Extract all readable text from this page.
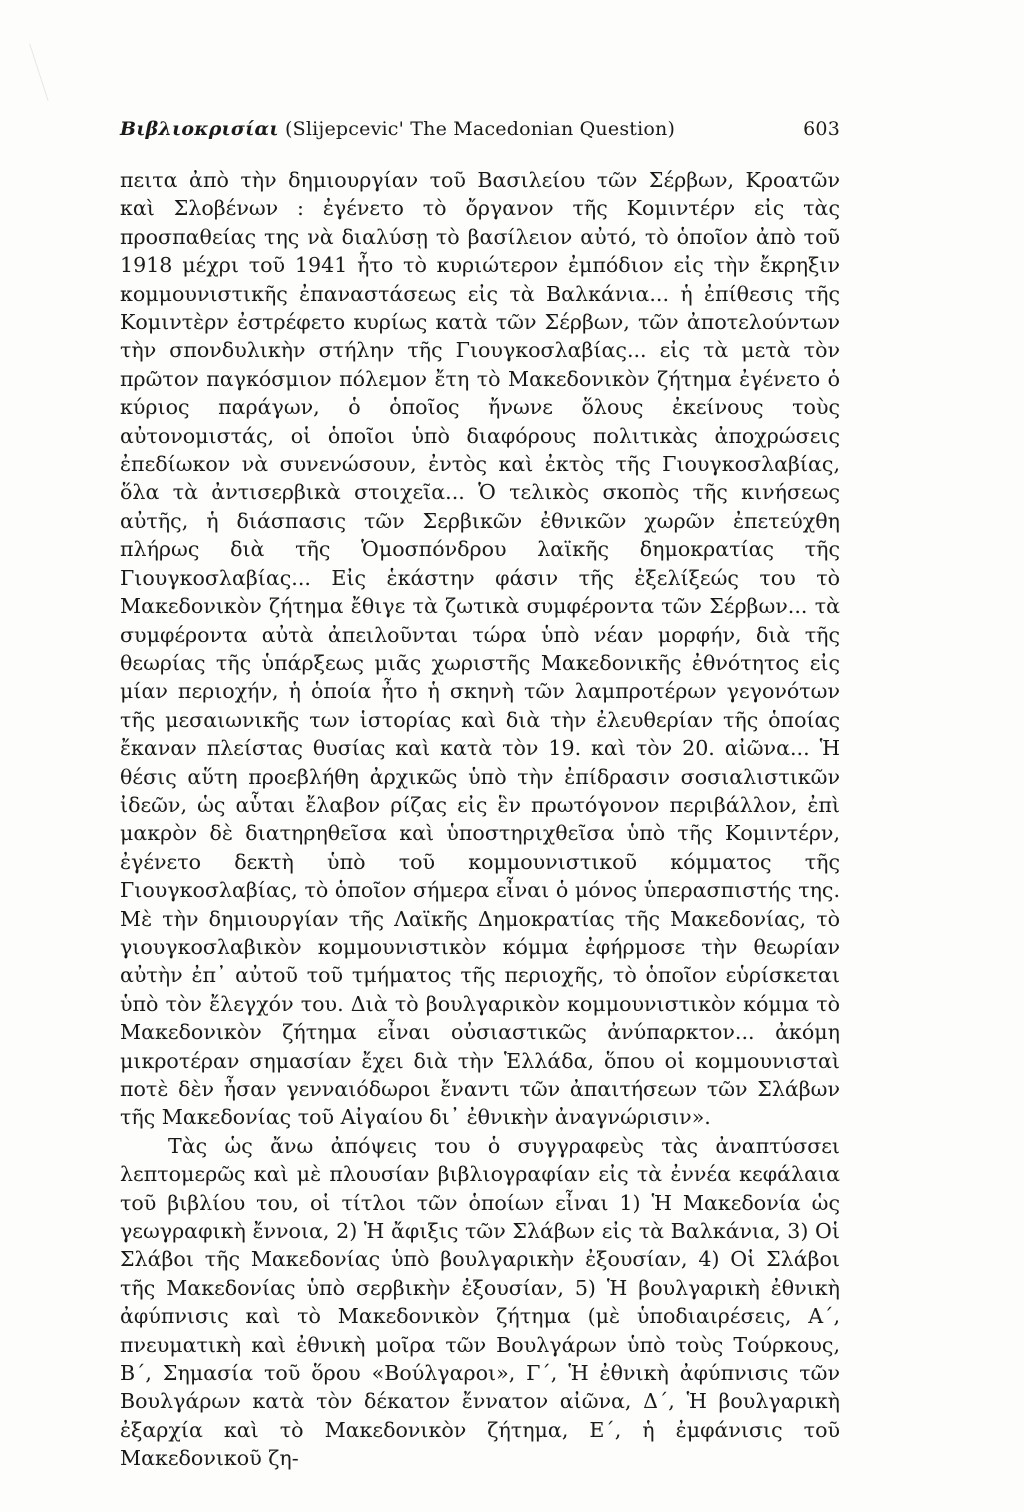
Βιβλιοκρισίαι (Slijepcevic' The Macedonian Question)	603

πειτα ἀπὸ τὴν δημιουργίαν τοῦ Βασιλείου τῶν Σέρβων, Κροατῶν καὶ Σλοβένων : ἐγένετο τὸ ὄργανον τῆς Κομιντέρν εἰς τὰς προσπαθείας της νὰ διαλύσῃ τὸ βασίλειον αὐτό, τὸ ὁποῖον ἀπὸ τοῦ 1918 μέχρι τοῦ 1941 ἦτο τὸ κυριώτερον ἐμπόδιον εἰς τὴν ἔκρηξιν κομμουνιστικῆς ἐπαναστάσεως εἰς τὰ Βαλκάνια... ἡ ἐπίθεσις τῆς Κομιντὲρν ἐστρέφετο κυρίως κατὰ τῶν Σέρβων, τῶν ἀποτελούντων τὴν σπονδυλικὴν στήλην τῆς Γιουγκοσλαβίας... εἰς τὰ μετὰ τὸν πρῶτον παγκόσμιον πόλεμον ἔτη τὸ Μακεδονικὸν ζήτημα ἐγένετο ὁ κύριος παράγων, ὁ ὁποῖος ἤνωνε ὅλους ἐκείνους τοὺς αὐτονομιστάς, οἱ ὁποῖοι ὑπὸ διαφόρους πολιτικὰς ἀποχρώσεις ἐπεδίωκον νὰ συνενώσουν, ἐντὸς καὶ ἐκτὸς τῆς Γιουγκοσλαβίας, ὅλα τὰ ἀντισερβικὰ στοιχεῖα... Ὁ τελικὸς σκοπὸς τῆς κινήσεως αὐτῆς, ἡ διάσπασις τῶν Σερβικῶν ἐθνικῶν χωρῶν ἐπετεύχθη πλήρως διὰ τῆς Ὁμοσπόνδρου λαϊκῆς δημοκρατίας τῆς Γιουγκοσλαβίας... Εἰς ἑκάστην φάσιν τῆς ἐξελίξεώς του τὸ Μακεδονικὸν ζήτημα ἔθιγε τὰ ζωτικὰ συμφέροντα τῶν Σέρβων... τὰ συμφέροντα αὐτὰ ἀπειλοῦνται τώρα ὑπὸ νέαν μορφήν, διὰ τῆς θεωρίας τῆς ὑπάρξεως μιᾶς χωριστῆς Μακεδονικῆς ἐθνότητος εἰς μίαν περιοχήν, ἡ ὁποία ἦτο ἡ σκηνὴ τῶν λαμπροτέρων γεγονότων τῆς μεσαιωνικῆς των ἱστορίας καὶ διὰ τὴν ἐλευθερίαν τῆς ὁποίας ἔκαναν πλείστας θυσίας καὶ κατὰ τὸν 19. καὶ τὸν 20. αἰῶνα... Ἡ θέσις αὕτη προεβλήθη ἀρχικῶς ὑπὸ τὴν ἐπίδρασιν σοσιαλιστικῶν ἰδεῶν, ὡς αὗται ἔλαβον ρίζας εἰς ἓν πρωτόγονον περιβάλλον, ἐπὶ μακρὸν δὲ διατηρηθεῖσα καὶ ὑποστηριχθεῖσα ὑπὸ τῆς Κομιντέρν, ἐγένετο δεκτὴ ὑπὸ τοῦ κομμουνιστικοῦ κόμματος τῆς Γιουγκοσλαβίας, τὸ ὁποῖον σήμερα εἶναι ὁ μόνος ὑπερασπιστής της. Μὲ τὴν δημιουργίαν τῆς Λαϊκῆς Δημοκρατίας τῆς Μακεδονίας, τὸ γιουγκοσλαβικὸν κομμουνιστικὸν κόμμα ἐφήρμοσε τὴν θεωρίαν αὐτὴν ἐπ᾿ αὐτοῦ τοῦ τμήματος τῆς περιοχῆς, τὸ ὁποῖον εὑρίσκεται ὑπὸ τὸν ἔλεγχόν του. Διὰ τὸ βουλγαρικὸν κομμουνιστικὸν κόμμα τὸ Μακεδονικὸν ζήτημα εἶναι οὐσιαστικῶς ἀνύπαρκτον... ἀκόμη μικροτέραν σημασίαν ἔχει διὰ τὴν Ἑλλάδα, ὅπου οἱ κομμουνισταὶ ποτὲ δὲν ἦσαν γενναιόδωροι ἔναντι τῶν ἀπαιτήσεων τῶν Σλάβων τῆς Μακεδονίας τοῦ Αἰγαίου δι᾿ ἐθνικὴν ἀναγνώρισιν».

Τὰς ὡς ἄνω ἀπόψεις του ὁ συγγραφεὺς τὰς ἀναπτύσσει λεπτομερῶς καὶ μὲ πλουσίαν βιβλιογραφίαν εἰς τὰ ἐννέα κεφάλαια τοῦ βιβλίου του, οἱ τίτλοι τῶν ὁποίων εἶναι 1) Ἡ Μακεδονία ὡς γεωγραφικὴ ἔννοια, 2) Ἡ ἄφιξις τῶν Σλάβων εἰς τὰ Βαλκάνια, 3) Οἱ Σλάβοι τῆς Μακεδονίας ὑπὸ βουλγαρικὴν ἐξουσίαν, 4) Οἱ Σλάβοι τῆς Μακεδονίας ὑπὸ σερβικὴν ἐξουσίαν, 5) Ἡ βουλγαρικὴ ἐθνικὴ ἀφύπνισις καὶ τὸ Μακεδονικὸν ζήτημα (μὲ ὑποδιαιρέσεις, Α΄, πνευματικὴ καὶ ἐθνικὴ μοῖρα τῶν Βουλγάρων ὑπὸ τοὺς Τούρκους, Β΄, Σημασία τοῦ ὅρου «Βούλγαροι», Γ΄, Ἡ ἐθνικὴ ἀφύπνισις τῶν Βουλγάρων κατὰ τὸν δέκατον ἔννατον αἰῶνα, Δ΄, Ἡ βουλγαρικὴ ἐξαρχία καὶ τὸ Μακεδονικὸν ζήτημα, Ε΄, ἡ ἐμφάνισις τοῦ Μακεδονικοῦ ζη-
